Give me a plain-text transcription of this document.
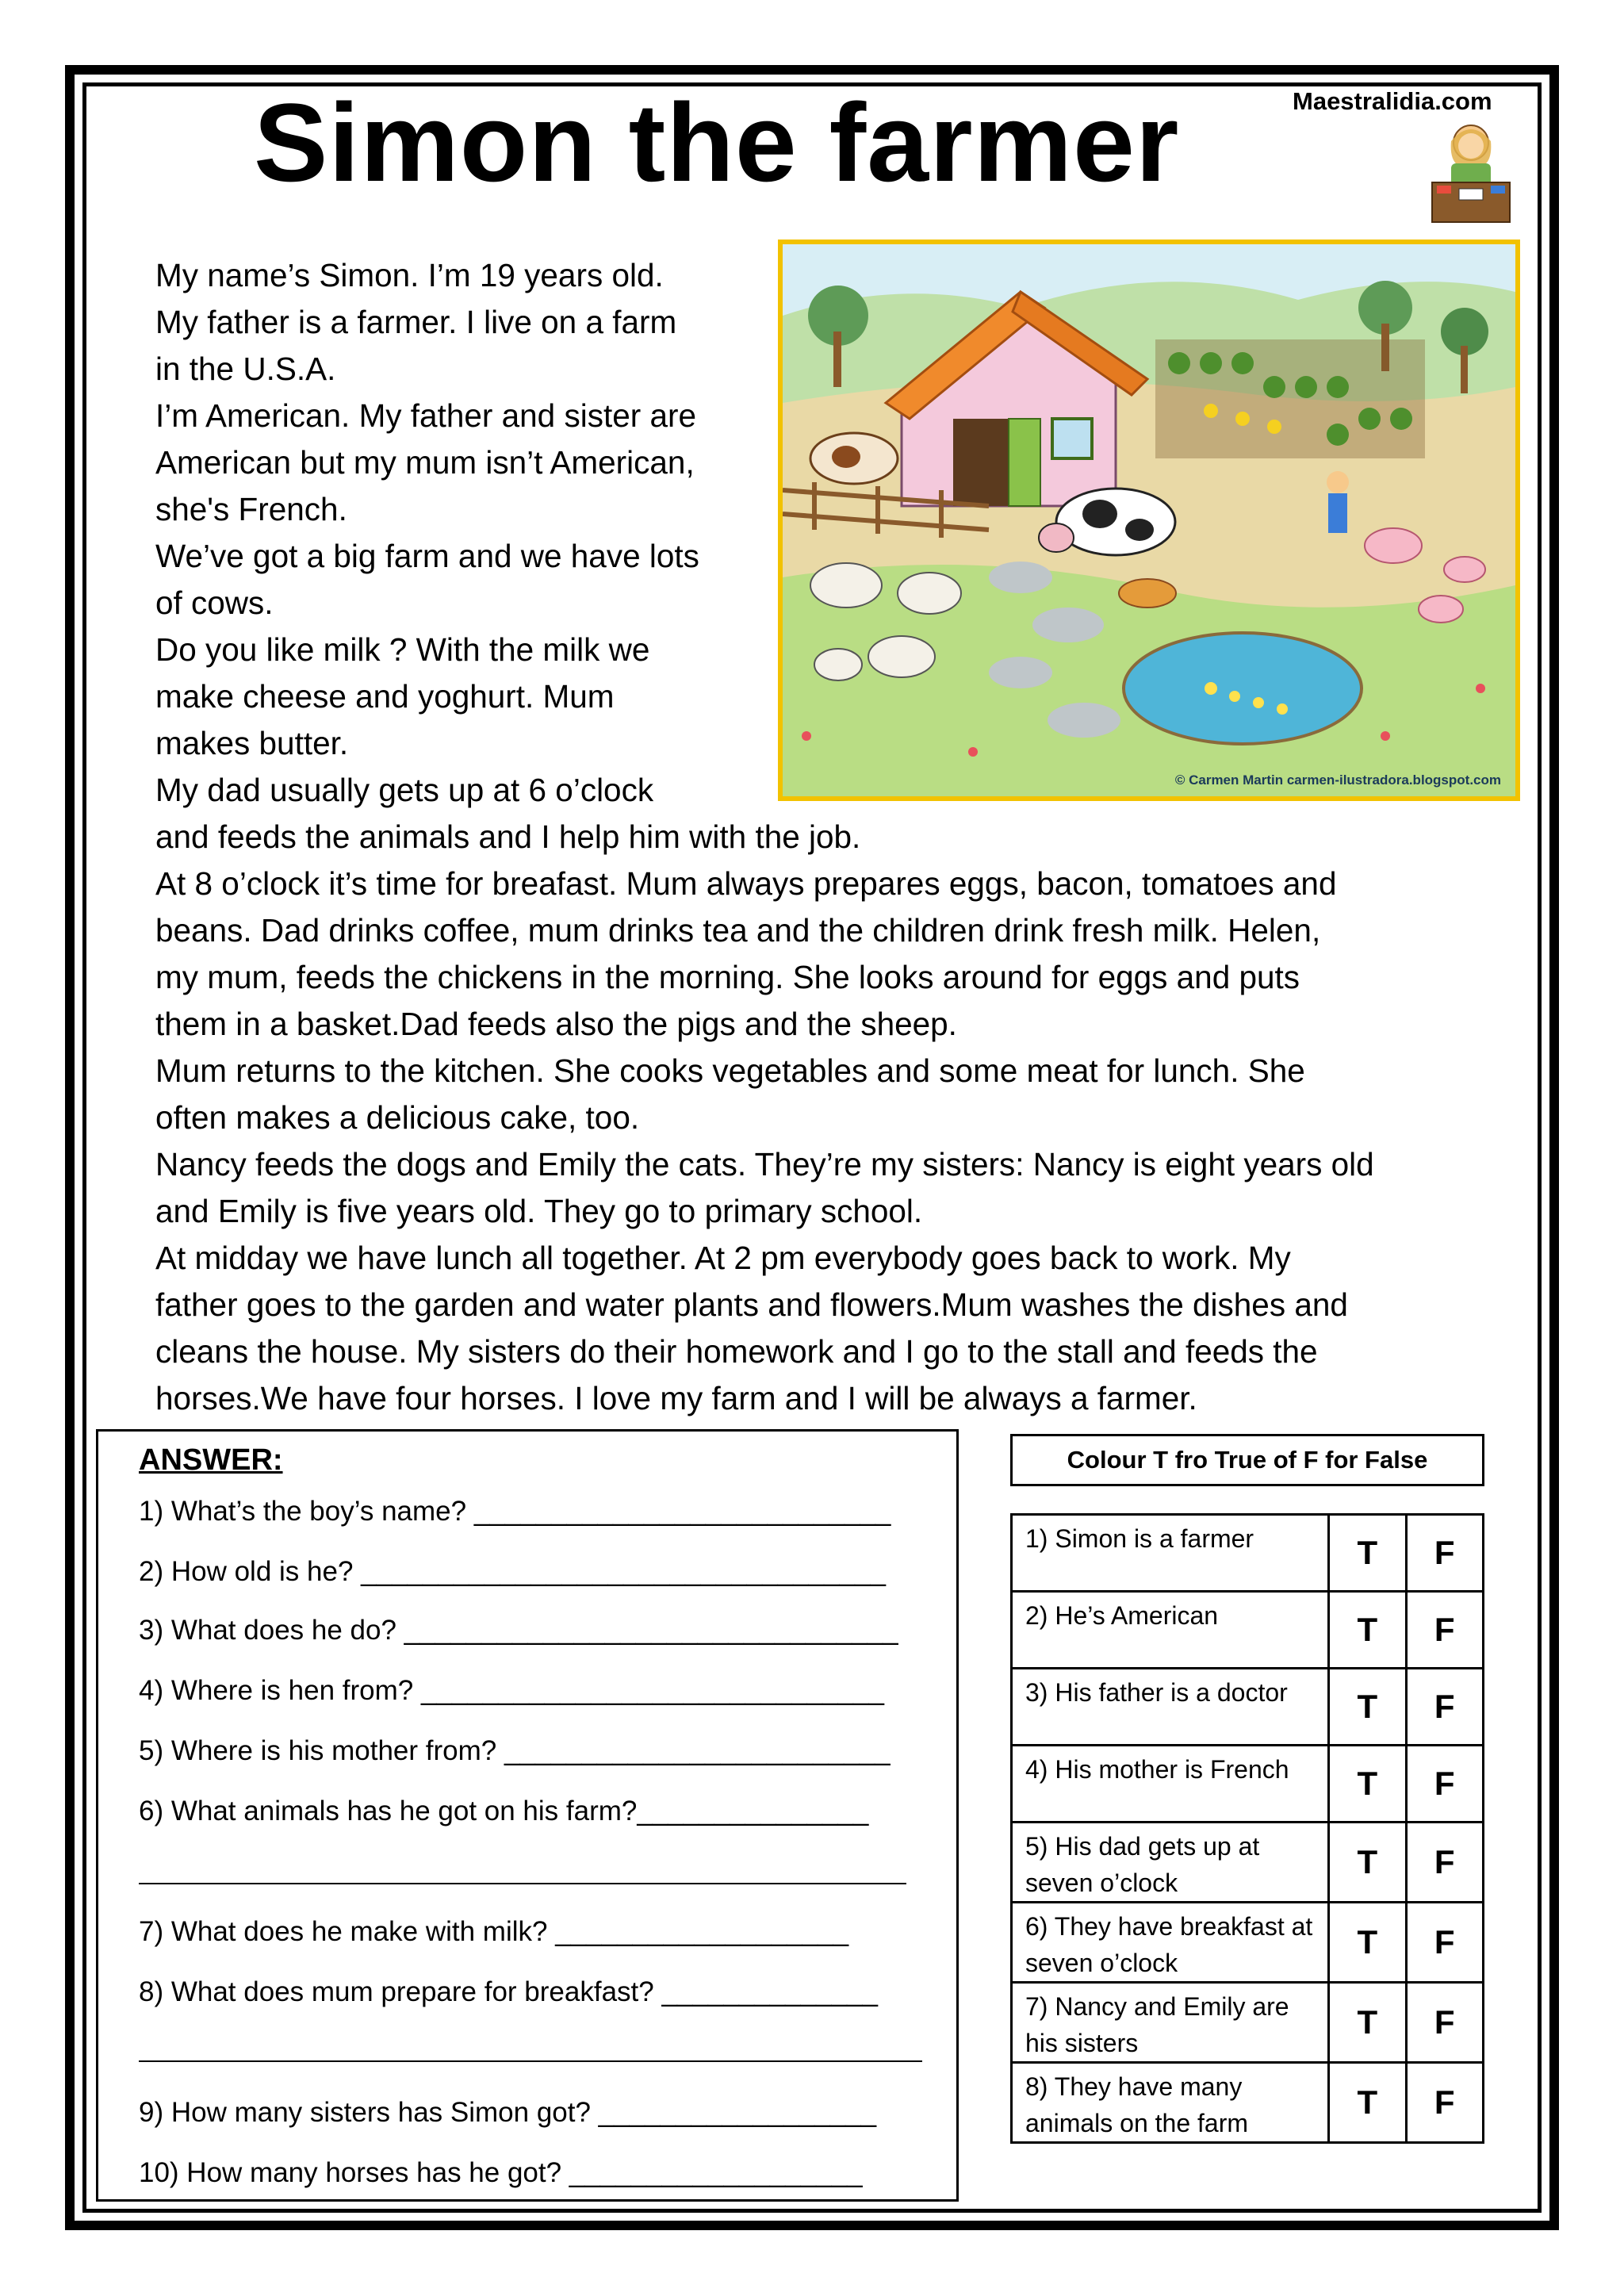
Simon the farmer	Maestralidia.com
My name’s Simon. I’m 19 years old.
My father is a farmer. I live on a farm
in the U.S.A.
I’m American. My father and sister are
American but my mum isn’t American,
she's French.
We’ve got a big farm and we have lots
of cows.
Do you like milk ? With the milk we
make cheese and yoghurt. Mum
makes butter.
My dad usually gets up at 6 o’clock
and feeds the animals and I help him with the job.
At 8 o’clock it’s time for breafast. Mum always prepares eggs, bacon, tomatoes and
beans. Dad drinks coffee, mum drinks tea and the children drink fresh milk. Helen,
my mum, feeds the chickens in the morning. She looks around for eggs and puts
them in a basket.Dad feeds also the pigs and the sheep.
Mum returns to the kitchen. She cooks vegetables and some meat for lunch. She
often makes a delicious cake, too.
Nancy feeds the dogs and Emily the cats. They’re my sisters: Nancy is eight years old
and Emily is five years old. They go to primary school.
At midday we have lunch all together. At 2 pm everybody goes back to work. My
father goes to the garden and water plants and flowers.Mum washes the dishes and
cleans the house. My sisters do their homework and I go to the stall and feeds the
horses.We have four horses. I love my farm and I will be always a farmer.
© Carmen Martin carmen-ilustradora.blogspot.com
ANSWER:
1) What’s the boy’s name? ___________________________
2) How old is he? __________________________________
3) What does he do? ________________________________
4) Where is hen from? ______________________________
5) Where is his mother from? _________________________
6) What animals has he got on his farm?_______________
7) What does he make with milk? ___________________
8) What does mum prepare for breakfast? ______________
9) How many sisters has Simon got? __________________
10) How many horses has he got? ___________________
Colour T fro True of F for False
1) Simon is a farmer	T	F
2) He’s American	T	F
3) His father is a doctor	T	F
4) His mother is French	T	F
5) His dad gets up at seven o’clock	T	F
6) They have breakfast at seven o’clock	T	F
7) Nancy and Emily are his sisters	T	F
8) They have many animals on the farm	T	F
